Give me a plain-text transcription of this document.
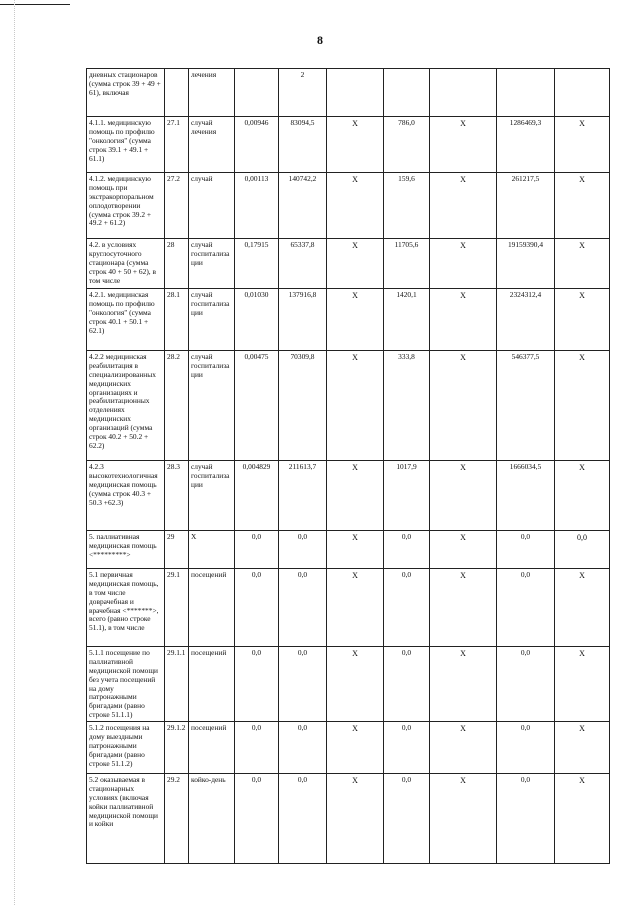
8
дневных стационаров (сумма строк 39 + 49 + 61), включая		лечения		2					
4.1.1. медицинскую помощь по профилю "онкология" (сумма строк 39.1 + 49.1 + 61.1)	27.1	случай лечения	0,00946	83094,5	X	786,0	X	1286469,3	X
4.1.2. медицинскую помощь при экстракорпоральном оплодотворении (сумма строк 39.2 + 49.2 + 61.2)	27.2	случай	0,00113	140742,2	X	159,6	X	261217,5	X
4.2. в условиях круглосуточного стационара (сумма строк 40 + 50 + 62), в том числе	28	случай госпитализации	0,17915	65337,8	X	11705,6	X	19159390,4	X
4.2.1. медицинская помощь по профилю "онкология" (сумма строк 40.1 + 50.1 + 62.1)	28.1	случай госпитализации	0,01030	137916,8	X	1420,1	X	2324312,4	X
4.2.2 медицинская реабилитация в специализированных медицинских организациях и реабилитационных отделениях медицинских организаций (сумма строк 40.2 + 50.2 + 62.2)	28.2	случай госпитализации	0,00475	70309,8	X	333,8	X	546377,5	X
4.2.3 высокотехнологичная медицинская помощь (сумма строк 40.3 + 50.3 +62.3)	28.3	случай госпитализации	0,004829	211613,7	X	1017,9	X	1666034,5	X
5. паллиативная медицинская помощь <*********>	29	X	0,0	0,0	X	0,0	X	0,0	0,0
5.1 первичная медицинская помощь, в том числе доврачебная и врачебная <*******>, всего (равно строке 51.1), в том числе	29.1	посещений	0,0	0,0	X	0,0	X	0,0	X
5.1.1 посещение по паллиативной медицинской помощи без учета посещений на дому патронажными бригадами (равно строке 51.1.1)	29.1.1	посещений	0,0	0,0	X	0,0	X	0,0	X
5.1.2 посещения на дому выездными патронажными бригадами (равно строке 51.1.2)	29.1.2	посещений	0,0	0,0	X	0,0	X	0,0	X
5.2 оказываемая в стационарных условиях (включая койки паллиативной медицинской помощи и койки	29.2	койко-день	0,0	0,0	X	0,0	X	0,0	X
